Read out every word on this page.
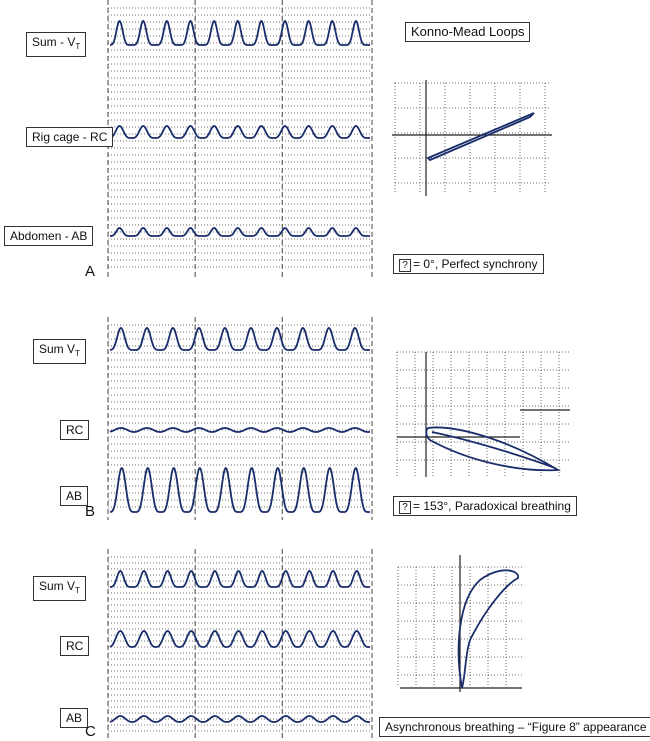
Sum - $V_T$
Rig cage - RC
Abdomen - AB
A
Konno-Mead Loops
? = 0°, Perfect synchrony
Sum $V_T$
RC
AB
B	? = 153°, Paradoxical breathing
Sum $V_T$
RC
AB
C	Asynchronous breathing – “Figure 8” appearance
